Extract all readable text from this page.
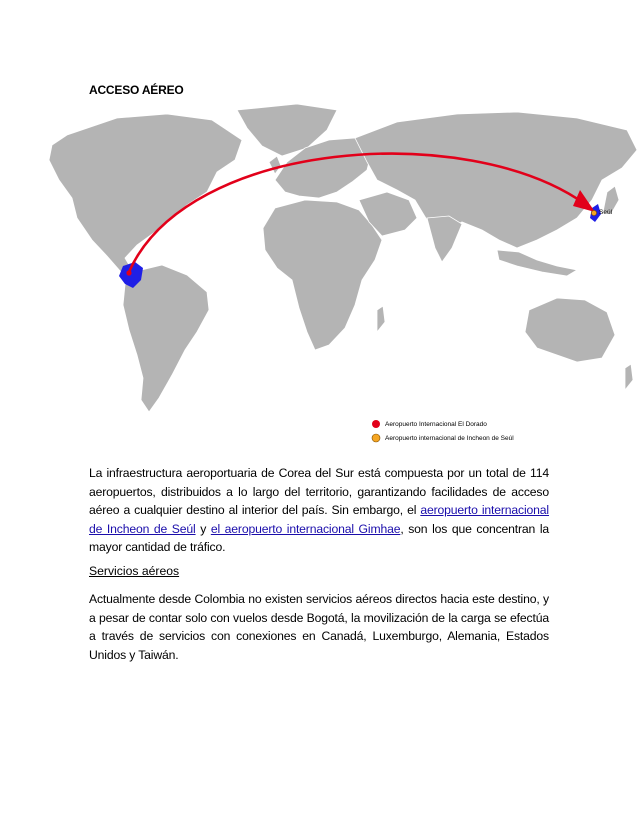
ACCESO AÉREO
Seúl
Aeropuerto Internacional El Dorado
Aeropuerto internacional de Incheon de Seúl
La infraestructura aeroportuaria de Corea del Sur está compuesta por un total de 114 aeropuertos, distribuidos a lo largo del territorio, garantizando facilidades de acceso aéreo a cualquier destino al interior del país. Sin embargo, el aeropuerto internacional de Incheon de Seúl y el aeropuerto internacional Gimhae, son los que concentran la mayor cantidad de tráfico.
Servicios aéreos
Actualmente desde Colombia no existen servicios aéreos directos hacia este destino, y a pesar de contar solo con vuelos desde Bogotá, la movilización de la carga se efectúa a través de servicios con conexiones en Canadá, Luxemburgo, Alemania, Estados Unidos y Taiwán.
